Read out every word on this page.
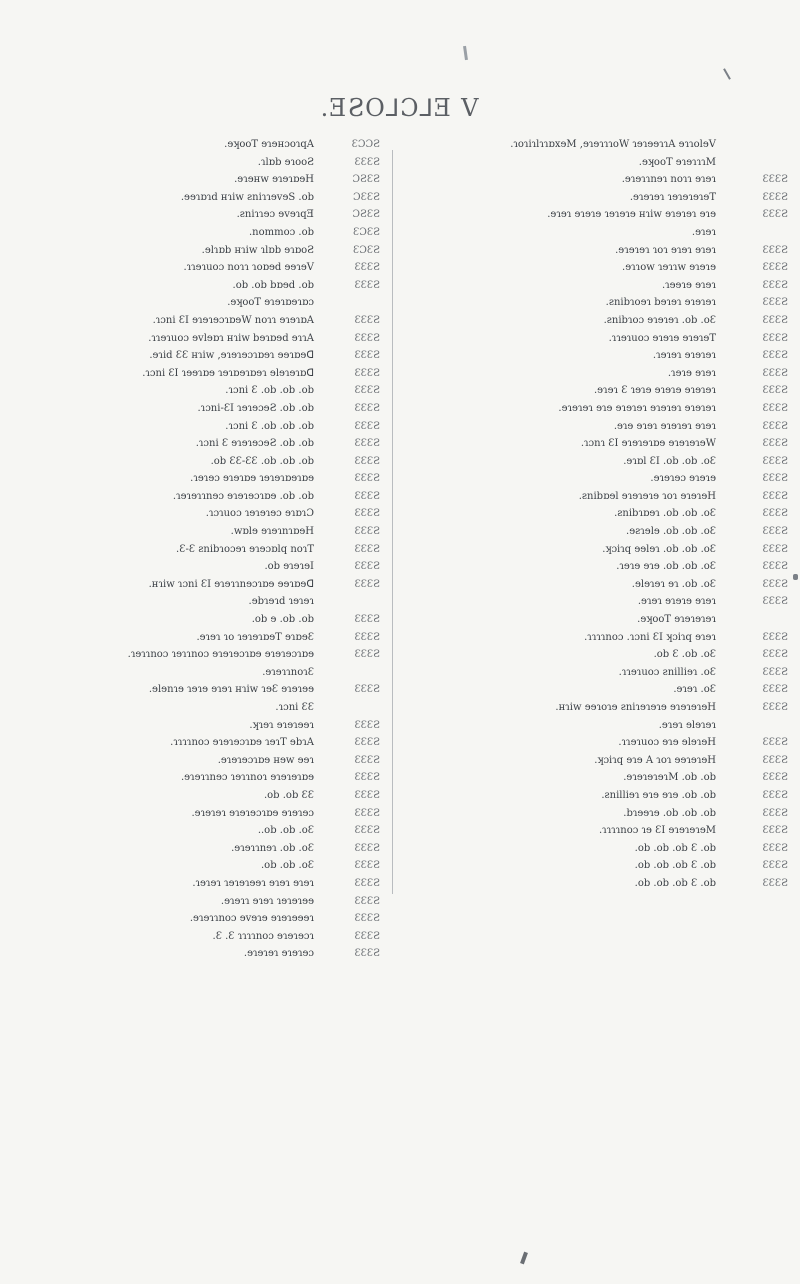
.ƎƧO⅃Ɔ⅃Ǝ V
.ɘʞooT ɘɿɘʜɔoɿqA	ƐƆƆƧ
.ɿlɒb ɘɿooƧ	ƐƐƐƧ
.ɘɿɘʜw ɘɿɘɿɒɘH	ƆƧƐƧ
.ɘɘɿɒɿd ʜɿiw ƨniɿɿɘvɘS .ob	ƆƐƐƧ
.ƨniɿɿɘɔ ɘvɘɿqƎ	ƆƧƐƧ
.nommoɔ .ob	ƐƆƐƧ
.ɘlɿɒb ʜɿiw ɿlɒb ɘɿɒoƧ	ƐƆƐƧ
.ɿɿɘɿuoɔ noɿɿ ɿoɒɘd ɘɘɿɘV	ƐƐƐƧ
.ob .ob bɒɘd .ob	ƐƐƐƧ
.ɘʞooT ɘɿɘɿɒɘɿɒɔ
.ɿɔni ƐI ɘɿɘɿɘɔɿɒɘW noɿɿ ɘɿɘɿɒA	ƐƐƐƧ
.ɿɿɘɿuoɔ ɘvlɘɒɿ ʜɿiw bɘɿɒɘd ɘɿɿA	ƐƐƐƧ
.ɘɿid ƐƐ ʜɿiw ,ɘɿɘɿɘɔɿɒɘɿ ɘɘɿɒɘᗡ	ƐƐƐƧ
.ɿɔni ƐI ɿɘɘɿɒɘ ɿɘɿɒɘɿɒɘɿ ɘlɘɿɘɿɒᗡ	ƐƐƐƧ
.ɿɔni Ɛ .ob .ob .ob	ƐƐƐƧ
.ɿɔni-ƐI ɿɘɿɘɔɘƧ .ob .ob	ƐƐƐƧ
.ɿɔni Ɛ .ob .ob .ob	ƐƐƐƧ
.ɿɔni Ɛ ɘɿɘɿɘɔɘƧ .ob .ob	ƐƐƐƧ
.ob ƐƐ-ƐƐ .ob .ob .ob	ƐƐƐƧ
.ɿɘɿɘɔ ɘɿɘɿɒɘ ɿɘɿɘɿɒɘɿɒɘ	ƐƐƐƧ
.ɿɘɿɘɿɿnɘɔ ɘɿɘɿɘɔɿɒɘ .ob .ob	ƐƐƐƧ
.ɿɔɿuoɔ ɿɘɿɘɿɘɔ ɘɿɒɿƆ	ƐƐƐƧ
.wɒlɘ ɘɿɘɿnɿɒɘH	ƐƐƐƧ
.Ɛ-Ɛ ƨnibɿoɔɘɿ ɘɿɘɔɒlq noɿT	ƐƐƐƧ
.ob ɘɿɘɿɘI	ƐƐƐƧ
.ʜɿiw ɿɔni ƐI ɘɿɘɿɿnɘɔɿɒɘ ɘɘɿɒɘᗡ	ƐƐƐƧ
.ɘbɿɘɿd ɿɘɿɘɿ
.ob ɘ .ob .ob	ƐƐƐƧ
.ɘɿɘɿ ɿo ɿɘɿɘɿɒɘT ɘɿɒɘƐ	ƐƐƐƧ
.ɿɘɿɿnoɔ ɿɘɿɿnoɔ ɘɿɘɿɘɔɿɒɘ ɘɿɘɿɘɔɿɒɘ	ƐƐƐƧ
.ɘɿɘɿɿnoɿƐ
.ɘlɘnɿɘ ɿɘɿɘ ɘɿɘɿ ʜɿiw ɿɘƐ ɘɿɘɿɘɘ	ƐƐƐƧ
.ɿɔni ƐƐ
.ʞɿɘɿ ɘɿɘɿɘɘɿ	ƐƐƐƧ
.ɿɿɿɿnoɔ ɘɿɘɿɘɔɿɒɘ ɿɘɿT ɘbɿA	ƐƐƐƧ
.ɘɿɘɿɘɔɿɒɘ ʜɘw ɘɘɿ	ƐƐƐƧ
.ɘɿɘɿɿnɘɔ ɿɘɿɿnoɿ ɘɿɘɿɘɿɒɘ	ƐƐƐƧ
.ob .ob ƐƐ	ƐƐƐƧ
.ɘɿɘɿɘɿ ɘɿɘɿɘɔɿɒɘ ɘɿɘɿɘɔ	ƐƐƐƧ
..ob .ob .oƐ	ƐƐƐƧ
.ɘɿɘɿɿnɘɿ .ob .oƐ	ƐƐƐƧ
.ob .ob .oƐ	ƐƐƐƧ
.ɿɘɿɘɿ ɿɘɿɘɿɘɘɿ ɘɿɘɿ ɘɿɘɿ	ƐƐƐƧ
.ɘɿɘɿɿ ɘɿɘɿ ɿɘɿɘɿɘɘ	ƐƐƐƧ
.ɘɿɘɿɿnoɔ ɘvɘɿɘ ɘɿɘɿɘɘɘɿ	ƐƐƐƧ
.Ɛ .Ɛ ɿɿɿɿnoɔ ɘɿɘɿɘɔɿ	ƐƐƐƧ
.ɘɿɘɿɘɿ ɘɿɘɿɘɔ	ƐƐƐƧ
.ɿoɿiɿlɿɿɒxɘM ,ɘɿɘɿɿɿoW ɿɘɿɘɘɿɿA ɘɿɿolɘV
.ɘʞooT ɘɿɘɿɿɿM
.ɘɿɘɿɿnɘɿ noɿɿ ɘɿɘɿ	ƐƐƐƧ
.ɘɿɘɿɘɿ ɿɘɿɘɿɘɿɘT	ƐƐƐƧ
.ɘɿɘɿ ɘɿɘɿɘ ɿɘɿɘɿɘ ʜɿiw ɘɿɘɿɘɿ ɘɿɘ	ƐƐƐƧ
.ɘɿɘɿ
.ɘɿɘɿɘɿ ɿoɿ ɘɿɘɿ ɘɿɘɿ	ƐƐƐƧ
.ɘɿɿow ɿɘɿɿw ɘɿɘɿɘ	ƐƐƐƧ
.ɿɘɘɿɘ ɘɿɘɿ	ƐƐƐƧ
.ƨnibɿoɘɿ bɘɿɘɿ ɘɿɘɿɘɿ	ƐƐƐƧ
.ƨnibɿoɔ ɘɿɘɿɘɿ .ob .oƐ	ƐƐƐƧ
.ɿɿɘɿuoɔ ɘɿɘɿɘ ɘɿɘɿɘT	ƐƐƐƧ
.ɿɘɿɘɿ ɘɿɘɿɘɿ	ƐƐƐƧ
.ɿɘɿɘ ɘɿɘɿ	ƐƐƐƧ
.ɘɿɘɿ Ɛ ɿɘɿɘ ɘɿɘɿɘ ɘɿɘɿɘɿ	ƐƐƐƧ
.ɘɿɘɿɘɿ ɘɿɘ ɘɿɘɿɘɿ ɘɿɘɿɘɿ ɘɿɘɿɘɿ	ƐƐƐƧ
.ɘɿɘ ɘɿɘɿ ɘɿɘɿɘɿ ɘɿɘɿ	ƐƐƐƧ
.ɿɔnɿ ƐI ɘɿɘɿɘɿɒɘ ɘɿɘɿɘɿɘW	ƐƐƐƧ
.ɘɿɒl ƐI .ob .ob .oƐ	ƐƐƐƧ
.ɘɿɘɿɘɔ ɘɿɘɿɘ	ƐƐƐƧ
.ƨnibɒɘl ɘɿɘɿɘɿɘ ɿoɿ ɘɿɘɿɘH	ƐƐƐƧ
.ƨnibɿɒɘɿ .ob .ob .oƐ	ƐƐƐƧ
.ɘƨɿɘlɘ .ob .ob .oƐ	ƐƐƐƧ
.ʞɔiɿq ɘɘlɘɿ .ob .ob .oƐ	ƐƐƐƧ
.ɿɘɿɘ ɘɿɘ .ob .ob .oƐ	ƐƐƐƧ
.ɘlɘɿɘɿ ɘɿ .ob .oƐ	ƐƐƐƧ
.ɘɿɘɿ ɘɿɘɿɘ ɘɿɘɿ	ƐƐƐƧ
.ɘʞooT ɘɿɘɿɘɿɘɿ
.ɿɿɿɿnoɔ .ɿɔni ƐI ʞɔiɿq ɘɿɘɿ	ƐƐƐƧ
.ob Ɛ .ob .oƐ	ƐƐƐƧ
.ɿɿɘɿuoɔ ƨnilliɘɿ .oƐ	ƐƐƐƧ
.ɘɿɘɿ .oƐ	ƐƐƐƧ
.ʜɿiw ɘɘɿoɿɘ ƨniɿɘɿɘɿɘ ɘɿɘɿɘɿɘH	ƐƐƐƧ
.ɘɿɘɿ ɘlɘɿɘɿ
.ɿɿɘɿuoɔ ɘɿɘ ɘlɘɿɘH	ƐƐƐƧ
.ʞɔiɿq ɘɿɘ A ɿoɿ ɘɘɿɘɿɘH	ƐƐƐƧ
.ɘɿɘɿɘɿɘɿM .ob .ob	ƐƐƐƧ
.ƨnilliɘɿ ɘɿɘ ɘɿɘ .ob .ob	ƐƐƐƧ
.bɿɘɘɿɘ .ob .ob .ob	ƐƐƐƧ
.ɿɿɿɿnoɔ ɿɘ ƐI ɘɿɘɿɘɿɘM	ƐƐƐƧ
.ob .ob .ob Ɛ .ob	ƐƐƐƧ
.ob .ob .ob Ɛ .ob	ƐƐƐƧ
.ob .ob .ob Ɛ .ob	ƐƐƐƧ
